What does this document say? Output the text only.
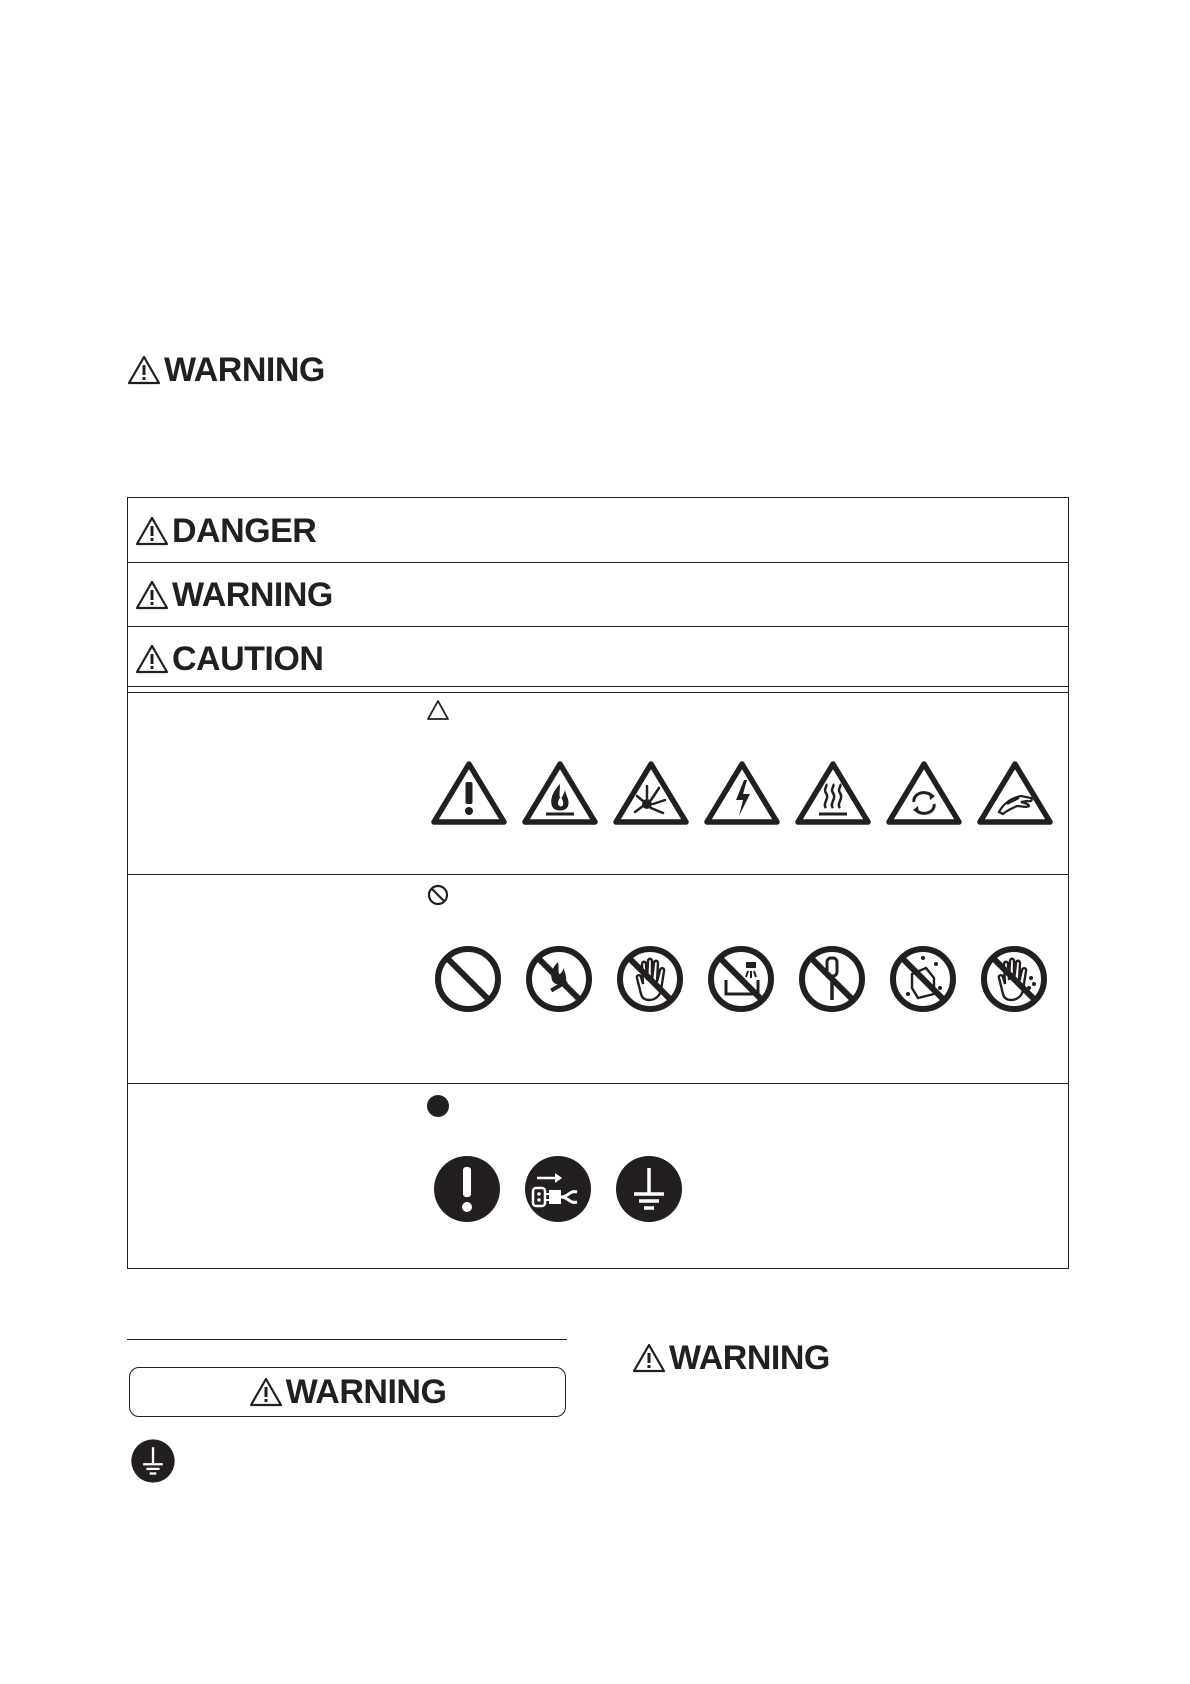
WARNING
DANGER
WARNING
CAUTION
WARNING
WARNING
